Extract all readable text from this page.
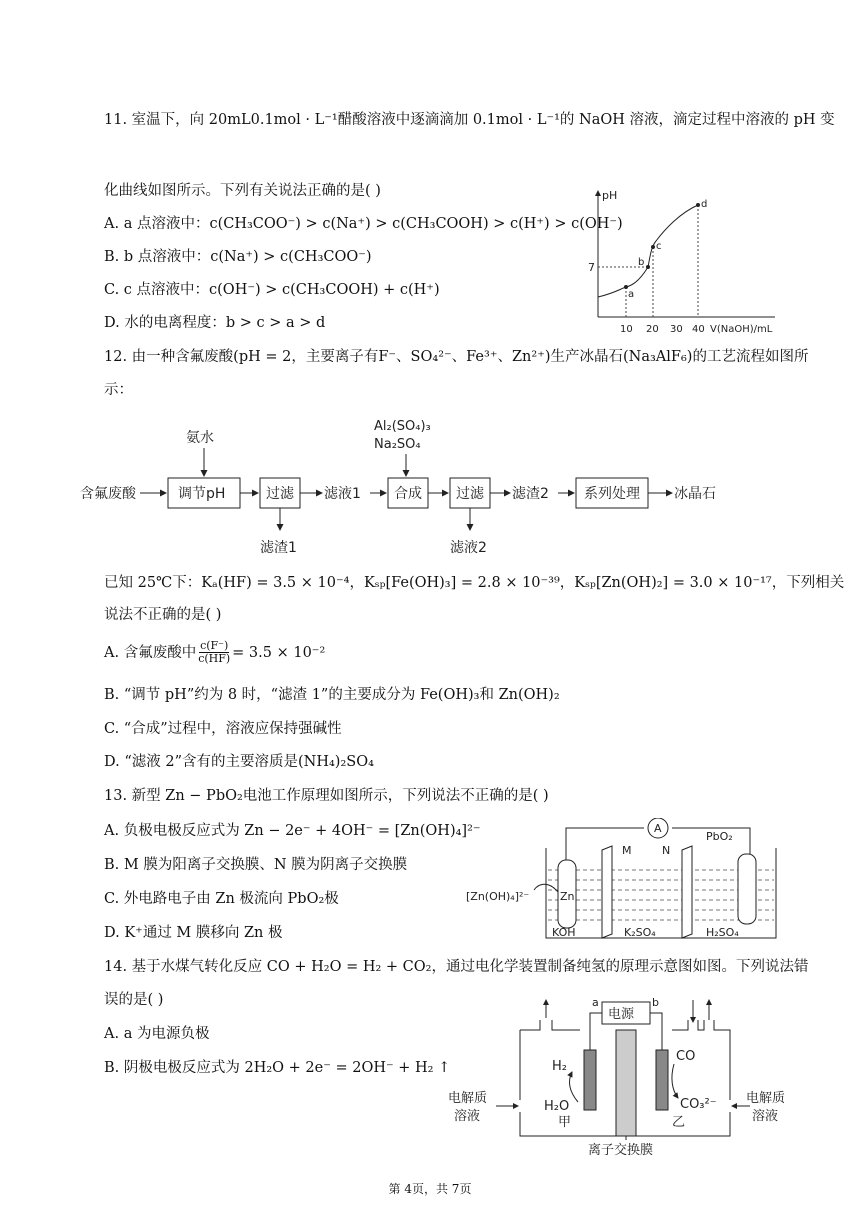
11. 室温下，向 20mL0.1mol · L⁻¹醋酸溶液中逐滴滴加 0.1mol · L⁻¹的 NaOH 溶液，滴定过程中溶液的 pH 变
化曲线如图所示。下列有关说法正确的是( )
A. a 点溶液中：c(CH₃COO⁻) > c(Na⁺) > c(CH₃COOH) > c(H⁺) > c(OH⁻)
B. b 点溶液中：c(Na⁺) > c(CH₃COO⁻)
C. c 点溶液中：c(OH⁻) > c(CH₃COOH) + c(H⁺)
D. 水的电离程度：b > c > a > d
pH
V(NaOH)/mL
7
10 20 30 40
a
b
c
d
12. 由一种含氟废酸(pH = 2，主要离子有F⁻、SO₄²⁻、Fe³⁺、Zn²⁺)生产冰晶石(Na₃AlF₆)的工艺流程如图所
示：
含氟废酸
氨水
调节pH	过滤
滤渣1
滤液1
Al₂(SO₄)₃
Na₂SO₄
合成 过滤
滤液2
滤渣2	系列处理 冰晶石
已知 25℃下：Kₐ(HF) = 3.5 × 10⁻⁴，Kₛₚ[Fe(OH)₃] = 2.8 × 10⁻³⁹，Kₛₚ[Zn(OH)₂] = 3.0 × 10⁻¹⁷，下列相关
说法不正确的是( )
A. 含氟废酸中 $\frac{c(F^-)}{c(HF)} = 3.5 \times 10^{-2}$
B. “调节 pH”约为 8 时，“滤渣 1”的主要成分为 Fe(OH)₃和 Zn(OH)₂
C. “合成”过程中，溶液应保持强碱性
D. “滤液 2”含有的主要溶质是(NH₄)₂SO₄
13. 新型 Zn − PbO₂电池工作原理如图所示，下列说法不正确的是( )
A. 负极电极反应式为 Zn − 2e⁻ + 4OH⁻ = [Zn(OH)₄]²⁻
B. M 膜为阳离子交换膜、N 膜为阴离子交换膜
C. 外电路电子由 Zn 极流向 PbO₂极
D. K⁺通过 M 膜移向 Zn 极
A
M	N
PbO₂
Zn
[Zn(OH)₄]²⁻
KOH	K₂SO₄	H₂SO₄
14. 基于水煤气转化反应 CO + H₂O = H₂ + CO₂，通过电化学装置制备纯氢的原理示意图如图。下列说法错
误的是( )
A. a 为电源负极
B. 阴极电极反应式为 2H₂O + 2e⁻ = 2OH⁻ + H₂ ↑
电源
a	b
H₂
H₂O
甲
CO
CO₃²⁻
乙
电解质
溶液
电解质
溶液
离子交换膜
第 4页，共 7页
